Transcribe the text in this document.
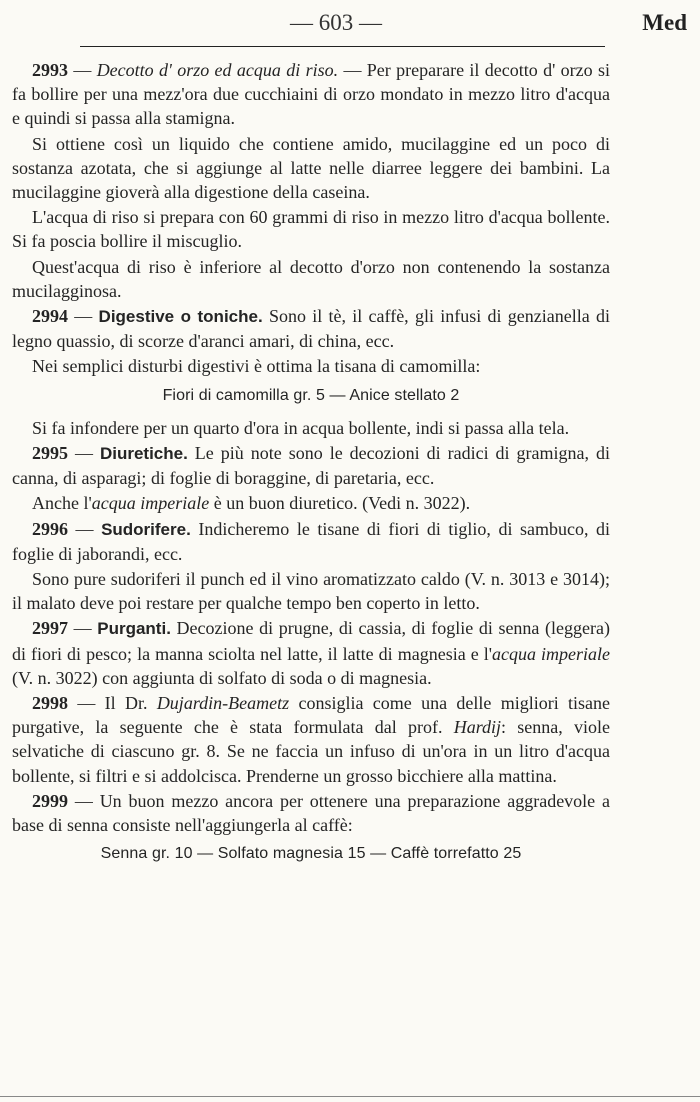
— 603 —	Med

2993 — Decotto d' orzo ed acqua di riso. — Per preparare il decotto d' orzo si fa bollire per una mezz'ora due cucchiaini di orzo mondato in mezzo litro d'acqua e quindi si passa alla stamigna.

Si ottiene così un liquido che contiene amido, mucilaggine ed un poco di sostanza azotata, che si aggiunge al latte nelle diarree leggere dei bambini. La mucilaggine gioverà alla digestione della caseina.

L'acqua di riso si prepara con 60 grammi di riso in mezzo litro d'acqua bollente. Si fa poscia bollire il miscuglio.

Quest'acqua di riso è inferiore al decotto d'orzo non contenendo la sostanza mucilagginosa.

2994 — Digestive o toniche. Sono il tè, il caffè, gli infusi di genzianella di legno quassio, di scorze d'aranci amari, di china, ecc.

Nei semplici disturbi digestivi è ottima la tisana di camomilla:

Fiori di camomilla gr. 5 — Anice stellato 2

Si fa infondere per un quarto d'ora in acqua bollente, indi si passa alla tela.

2995 — Diuretiche. Le più note sono le decozioni di radici di gramigna, di canna, di asparagi; di foglie di boraggine, di paretaria, ecc.

Anche l'acqua imperiale è un buon diuretico. (Vedi n. 3022).

2996 — Sudorifere. Indicheremo le tisane di fiori di tiglio, di sambuco, di foglie di jaborandi, ecc.

Sono pure sudoriferi il punch ed il vino aromatizzato caldo (V. n. 3013 e 3014); il malato deve poi restare per qualche tempo ben coperto in letto.

2997 — Purganti. Decozione di prugne, di cassia, di foglie di senna (leggera) di fiori di pesco; la manna sciolta nel latte, il latte di magnesia e l'acqua imperiale (V. n. 3022) con aggiunta di solfato di soda o di magnesia.

2998 — Il Dr. Dujardin-Beametz consiglia come una delle migliori tisane purgative, la seguente che è stata formulata dal prof. Hardij: senna, viole selvatiche di ciascuno gr. 8. Se ne faccia un infuso di un'ora in un litro d'acqua bollente, si filtri e si addolcisca. Prenderne un grosso bicchiere alla mattina.

2999 — Un buon mezzo ancora per ottenere una preparazione aggradevole a base di senna consiste nell'aggiungerla al caffè:

Senna gr. 10 — Solfato magnesia 15 — Caffè torrefatto 25
